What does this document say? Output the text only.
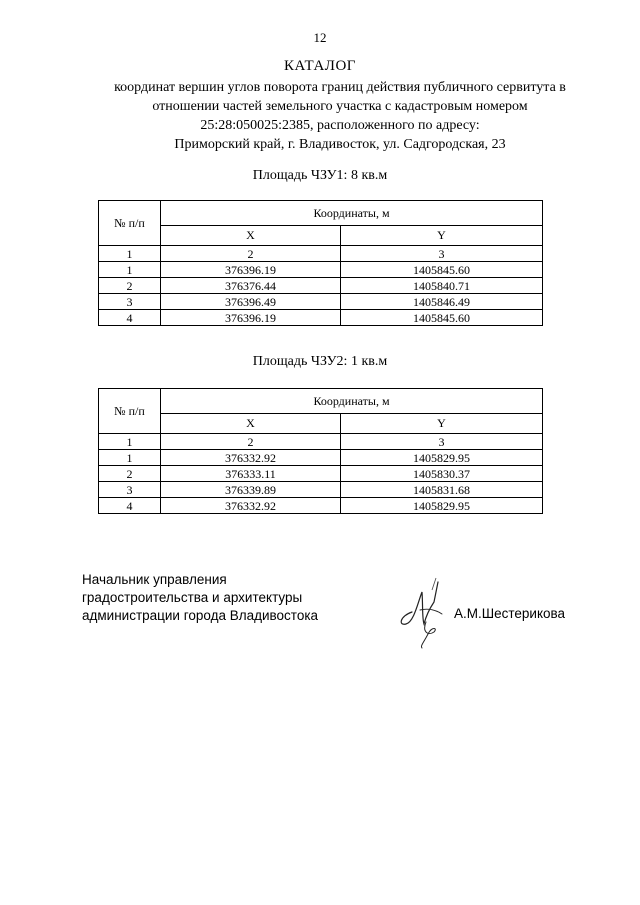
12
КАТАЛОГ
координат вершин углов поворота границ действия публичного сервитута в
отношении частей земельного участка с кадастровым номером
25:28:050025:2385, расположенного по адресу:
Приморский край, г. Владивосток, ул. Садгородская, 23
Площадь ЧЗУ1: 8 кв.м
№ п/п	Координаты, м	
	X	Y
1	2	3
1	376396.19	1405845.60
2	376376.44	1405840.71
3	376396.49	1405846.49
4	376396.19	1405845.60
Площадь ЧЗУ2: 1 кв.м
№ п/п	Координаты, м	
	X	Y
1	2	3
1	376332.92	1405829.95
2	376333.11	1405830.37
3	376339.89	1405831.68
4	376332.92	1405829.95
Начальник управления
градостроительства и архитектуры
администрации города Владивостока	А.М.Шестерикова
